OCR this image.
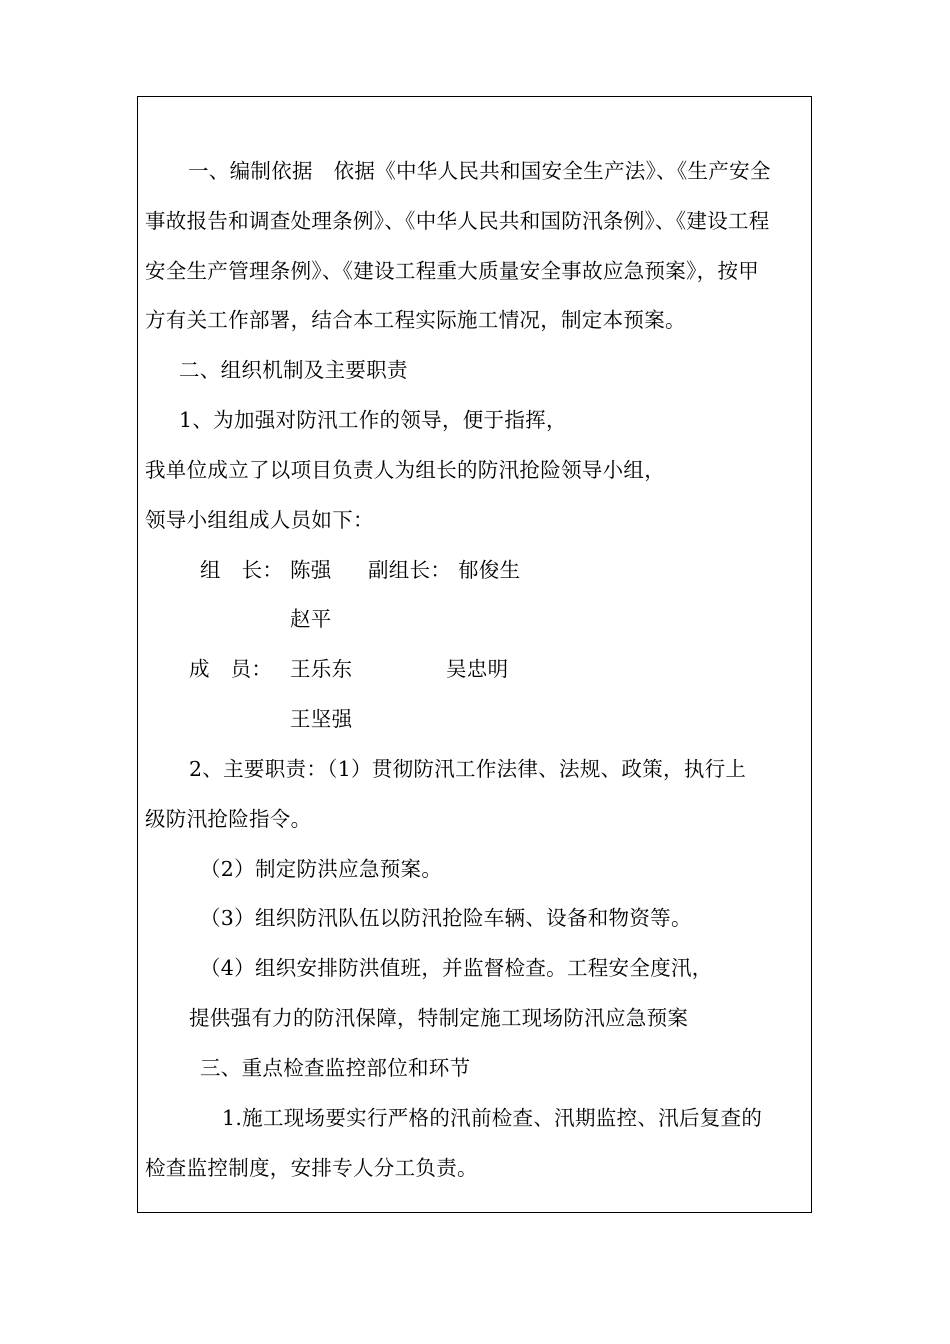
一、编制依据　依据《中华人民共和国安全生产法》、《生产安全
事故报告和调查处理条例》、《中华人民共和国防汛条例》、《建设工程
安全生产管理条例》、《建设工程重大质量安全事故应急预案》，按甲
方有关工作部署，结合本工程实际施工情况，制定本预案。
二、组织机制及主要职责
1、为加强对防汛工作的领导，便于指挥，
我单位成立了以项目负责人为组长的防汛抢险领导小组，
领导小组组成人员如下：
组　长： 陈强 副组长： 郁俊生
赵平
成　员： 王乐东	吴忠明
王坚强
2、主要职责：（1）贯彻防汛工作法律、法规、政策，执行上
级防汛抢险指令。
（2）制定防洪应急预案。
（3）组织防汛队伍以防汛抢险车辆、设备和物资等。
（4）组织安排防洪值班，并监督检查。工程安全度汛，
提供强有力的防汛保障，特制定施工现场防汛应急预案
三、重点检查监控部位和环节
1.施工现场要实行严格的汛前检查、汛期监控、汛后复查的
检查监控制度，安排专人分工负责。
